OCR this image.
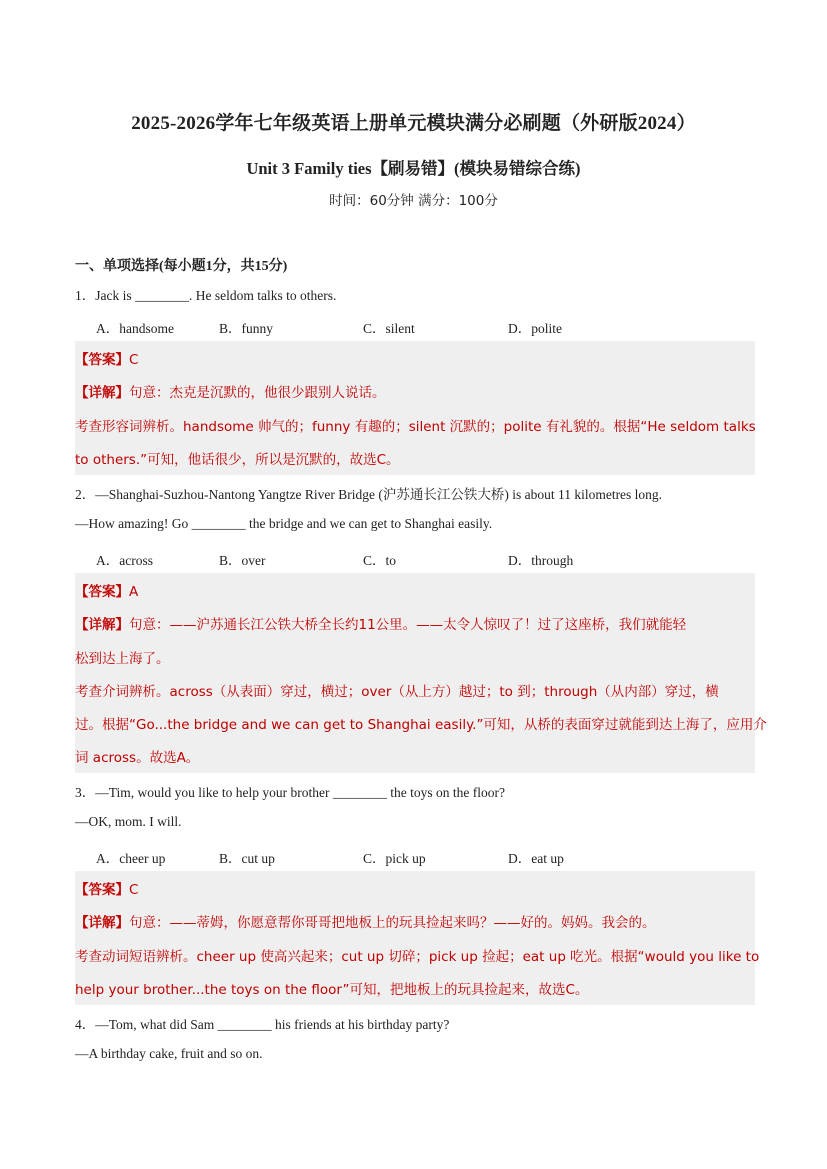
2025-2026学年七年级英语上册单元模块满分必刷题（外研版2024）
Unit 3 Family ties【刷易错】(模块易错综合练)
时间：60分钟 满分：100分
一、单项选择(每小题1分，共15分)
1．Jack is ________. He seldom talks to others.
A．handsome	B．funny	C．silent	D．polite
【答案】C
【详解】句意：杰克是沉默的，他很少跟别人说话。
考查形容词辨析。handsome 帅气的；funny 有趣的；silent 沉默的；polite 有礼貌的。根据“He seldom talks
to others.”可知，他话很少，所以是沉默的，故选C。
2．—Shanghai-Suzhou-Nantong Yangtze River Bridge (沪苏通长江公铁大桥) is about 11 kilometres long.
—How amazing! Go ________ the bridge and we can get to Shanghai easily.
A．across	B．over	C．to	D．through
【答案】A
【详解】句意：——沪苏通长江公铁大桥全长约11公里。——太令人惊叹了！过了这座桥，我们就能轻
松到达上海了。
考查介词辨析。across（从表面）穿过，横过；over（从上方）越过；to 到；through（从内部）穿过，横
过。根据“Go...the bridge and we can get to Shanghai easily.”可知，从桥的表面穿过就能到达上海了，应用介
词 across。故选A。
3．—Tim, would you like to help your brother ________ the toys on the floor?
—OK, mom. I will.
A．cheer up	B．cut up	C．pick up	D．eat up
【答案】C
【详解】句意：——蒂姆，你愿意帮你哥哥把地板上的玩具捡起来吗？——好的。妈妈。我会的。
考查动词短语辨析。cheer up 使高兴起来；cut up 切碎；pick up 捡起；eat up 吃光。根据“would you like to
help your brother...the toys on the floor”可知，把地板上的玩具捡起来，故选C。
4．—Tom, what did Sam ________ his friends at his birthday party?
—A birthday cake, fruit and so on.
